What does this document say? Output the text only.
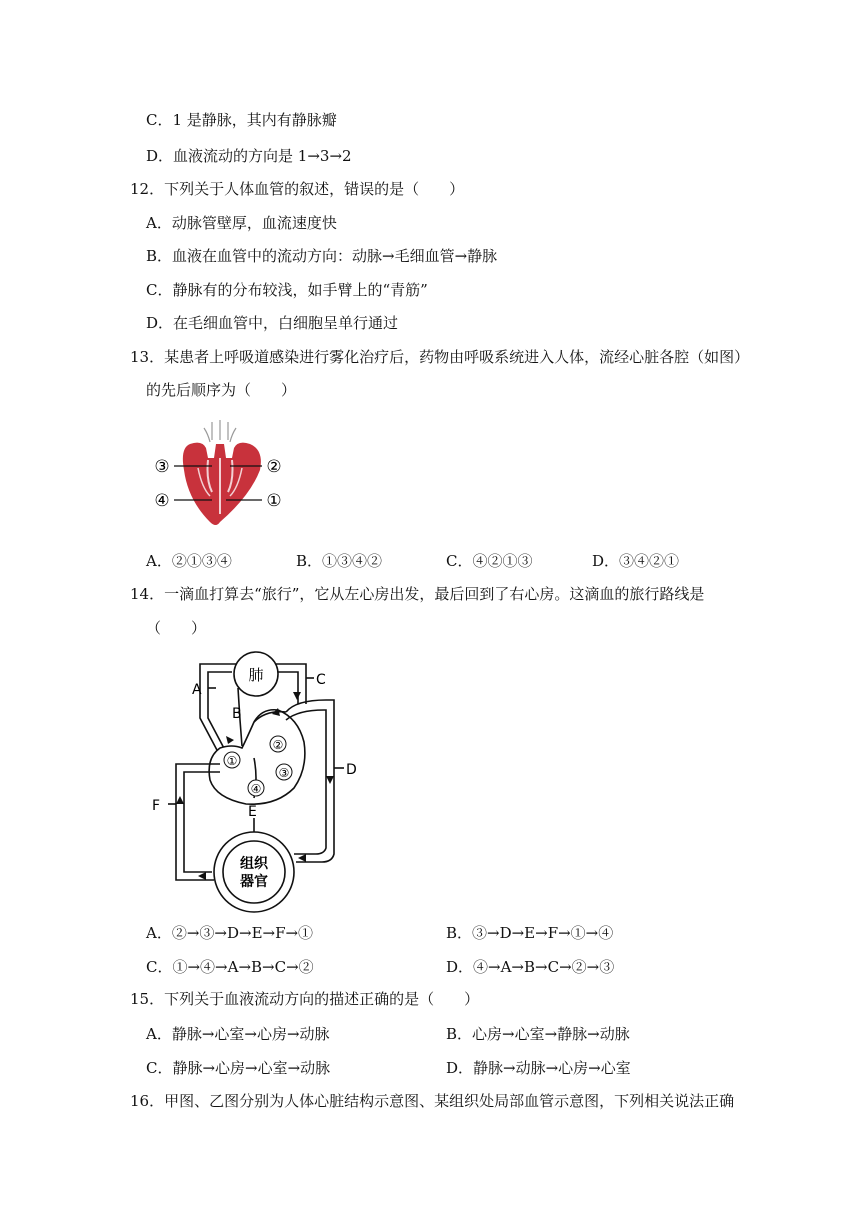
C．1 是静脉，其内有静脉瓣
D．血液流动的方向是 1→3→2
12．下列关于人体血管的叙述，错误的是（　　）
A．动脉管壁厚，血流速度快
B．血液在血管中的流动方向：动脉→毛细血管→静脉
C．静脉有的分布较浅，如手臂上的“青筋”
D．在毛细血管中，白细胞呈单行通过
13．某患者上呼吸道感染进行雾化治疗后，药物由呼吸系统进入人体，流经心脏各腔（如图）
的先后顺序为（　　）
③	②
④	①
A．②①③④	B．①③④②	C．④②①③	D．③④②①
14．一滴血打算去“旅行”，它从左心房出发，最后回到了右心房。这滴血的旅行路线是
（　　）
①
②
③
④
肺
组织
器官
A
B
C
D
E
F
A．②→③→D→E→F→①	B．③→D→E→F→①→④
C．①→④→A→B→C→②	D．④→A→B→C→②→③
15．下列关于血液流动方向的描述正确的是（　　）
A．静脉→心室→心房→动脉	B．心房→心室→静脉→动脉
C．静脉→心房→心室→动脉	D．静脉→动脉→心房→心室
16．甲图、乙图分别为人体心脏结构示意图、某组织处局部血管示意图，下列相关说法正确
